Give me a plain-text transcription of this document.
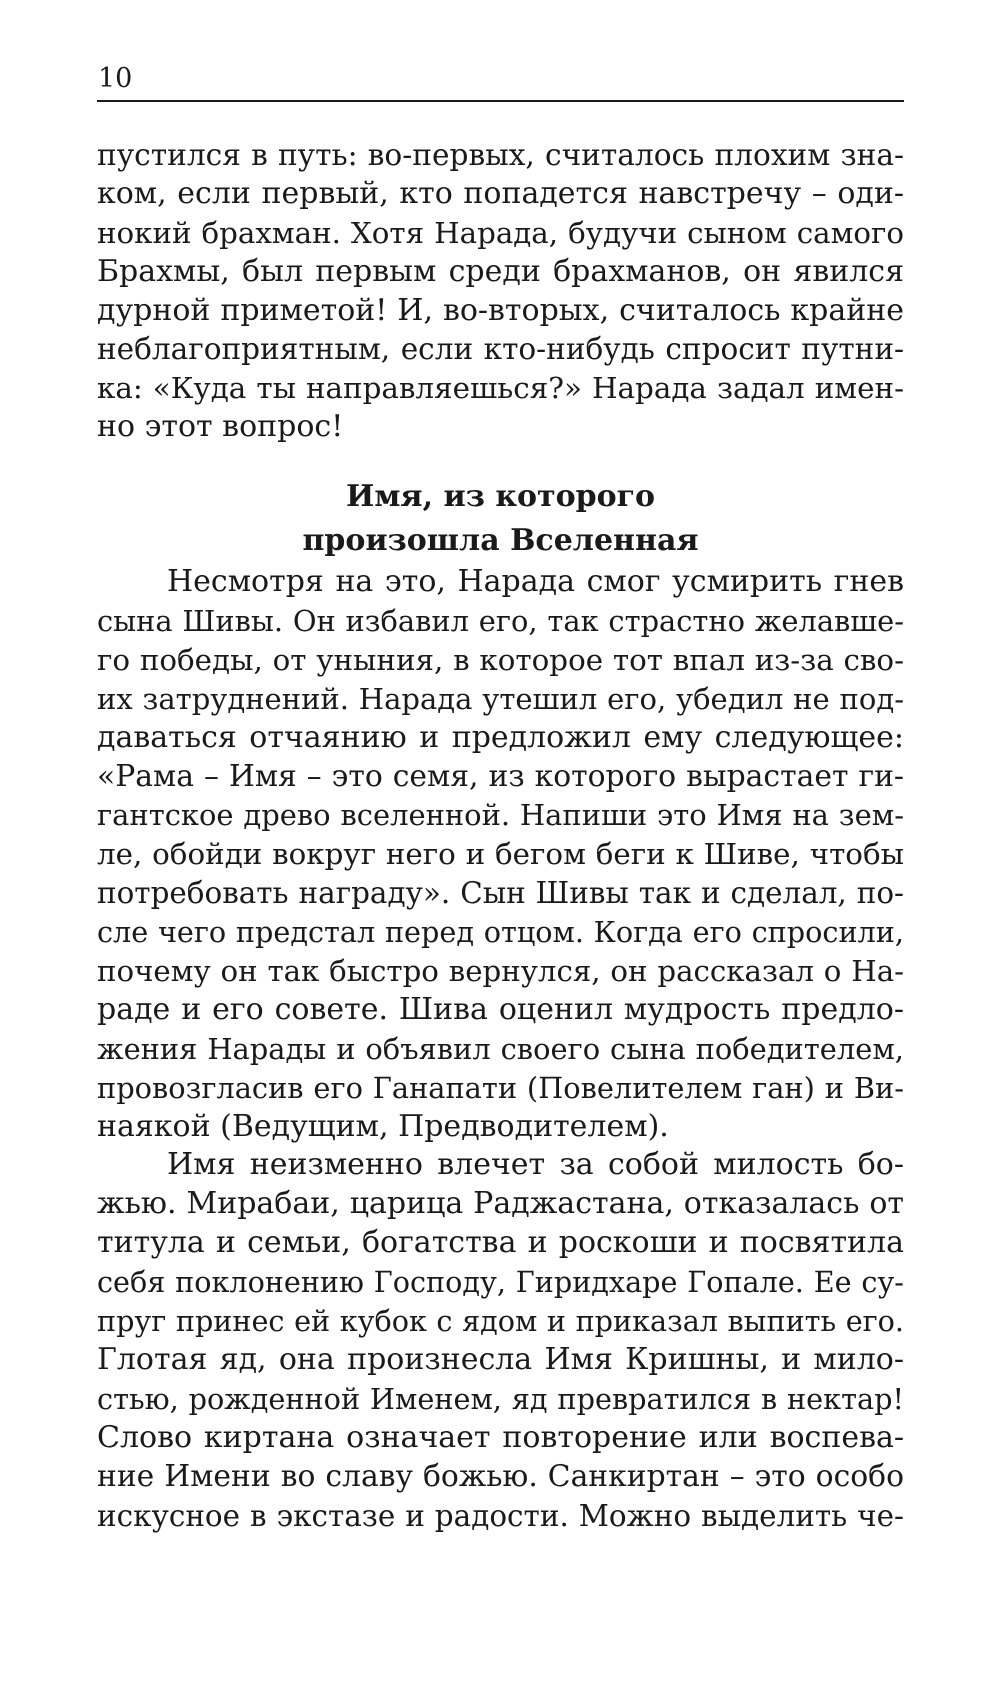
10
пустился в путь: во-первых, считалось плохим зна-
ком, если первый, кто попадется навстречу – оди-
нокий брахман. Хотя Нарада, будучи сыном самого
Брахмы, был первым среди брахманов, он явился
дурной приметой! И, во-вторых, считалось крайне
неблагоприятным, если кто-нибудь спросит путни-
ка: «Куда ты направляешься?» Нарада задал имен-
но этот вопрос!
Имя, из которого
произошла Вселенная
Несмотря на это, Нарада смог усмирить гнев
сына Шивы. Он избавил его, так страстно желавше-
го победы, от уныния, в которое тот впал из-за сво-
их затруднений. Нарада утешил его, убедил не под-
даваться отчаянию и предложил ему следующее:
«Рама – Имя – это семя, из которого вырастает ги-
гантское древо вселенной. Напиши это Имя на зем-
ле, обойди вокруг него и бегом беги к Шиве, чтобы
потребовать награду». Сын Шивы так и сделал, по-
сле чего предстал перед отцом. Когда его спросили,
почему он так быстро вернулся, он рассказал о На-
раде и его совете. Шива оценил мудрость предло-
жения Нарады и объявил своего сына победителем,
провозгласив его Ганапати (Повелителем ган) и Ви-
наякой (Ведущим, Предводителем).
Имя неизменно влечет за собой милость бо-
жью. Мирабаи, царица Раджастана, отказалась от
титула и семьи, богатства и роскоши и посвятила
себя поклонению Господу, Гиридхаре Гопале. Ее су-
пруг принес ей кубок с ядом и приказал выпить его.
Глотая яд, она произнесла Имя Кришны, и мило-
стью, рожденной Именем, яд превратился в нектар!
Слово киртана означает повторение или воспева-
ние Имени во славу божью. Санкиртан – это особо
искусное в экстазе и радости. Можно выделить че-
